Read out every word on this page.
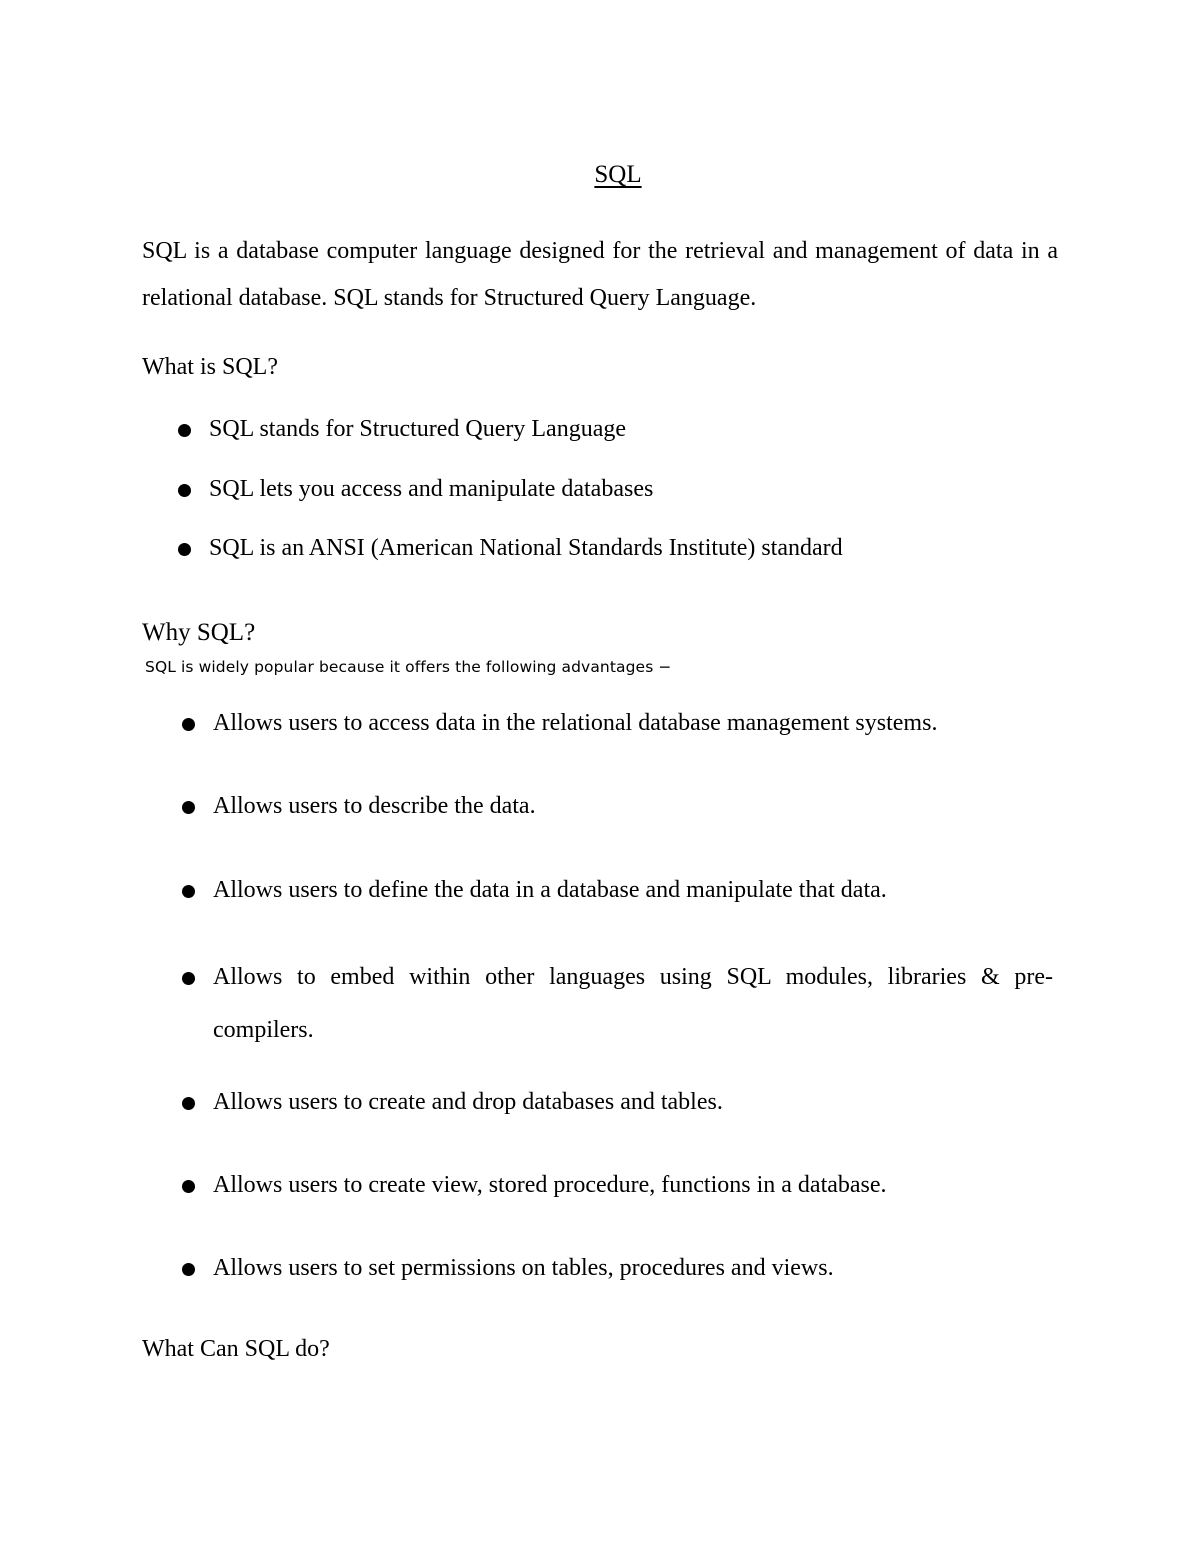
SQL
SQL is a database computer language designed for the retrieval and management of data in a relational database. SQL stands for Structured Query Language.
What is SQL?
SQL stands for Structured Query Language
SQL lets you access and manipulate databases
SQL is an ANSI (American National Standards Institute) standard
Why SQL?
SQL is widely popular because it offers the following advantages −
Allows users to access data in the relational database management systems.
Allows users to describe the data.
Allows users to define the data in a database and manipulate that data.
Allows to embed within other languages using SQL modules, libraries & pre-compilers.
Allows users to create and drop databases and tables.
Allows users to create view, stored procedure, functions in a database.
Allows users to set permissions on tables, procedures and views.
What Can SQL do?
